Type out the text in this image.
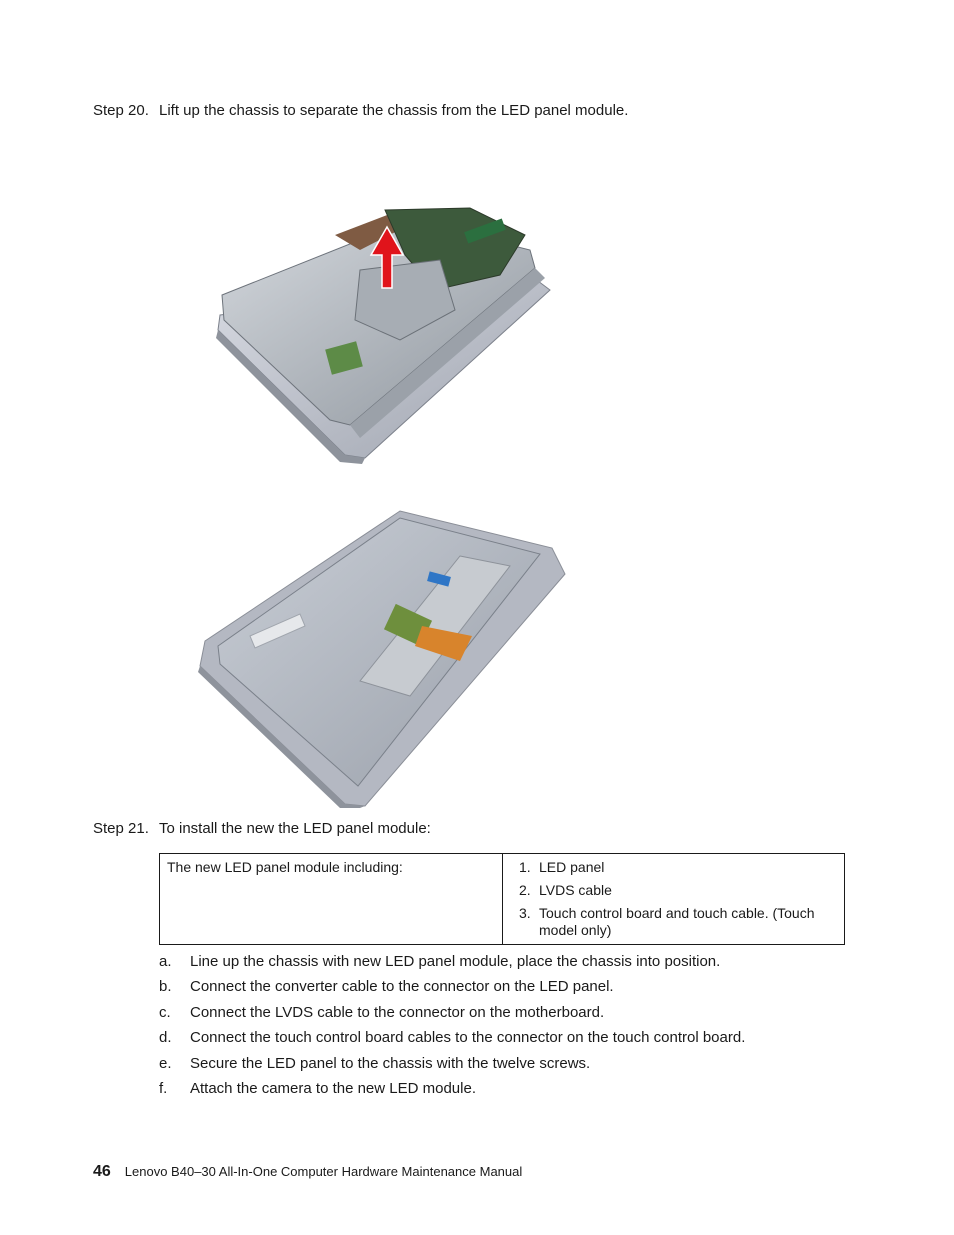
Step 20. Lift up the chassis to separate the chassis from the LED panel module.
Step 21. To install the new the LED panel module:
The new LED panel module including:	1. LED panel
2. LVDS cable
3. Touch control board and touch cable. (Touch model only)
a.	Line up the chassis with new LED panel module, place the chassis into position.
b.	Connect the converter cable to the connector on the LED panel.
c.	Connect the LVDS cable to the connector on the motherboard.
d.	Connect the touch control board cables to the connector on the touch control board.
e.	Secure the LED panel to the chassis with the twelve screws.
f.	Attach the camera to the new LED module.
46 Lenovo B40–30 All-In-One Computer Hardware Maintenance Manual
